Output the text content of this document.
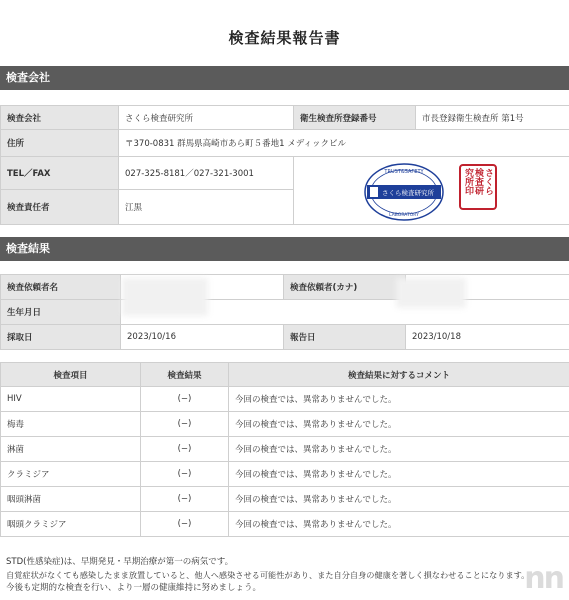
検査結果報告書
検査会社
検査会社	さくら検査研究所	衛生検査所登録番号	市長登録衛生検査所 第1号
住所	〒370-0831 群馬県高崎市あら町５番地1 メディックビル		
TEL／FAX	027-325-8181／027-321-3001		
検査責任者	江黒		
TRUST&SAFETY
さくら検査研究所
LABORATORY
さくら
検査研
究所印
検査結果
検査依頼者名		検査依頼者(カナ)	
生年月日			
採取日	2023/10/16	報告日	2023/10/18
検査項目	検査結果	検査結果に対するコメント
HIV	(−)	今回の検査では、異常ありませんでした。
梅毒	(−)	今回の検査では、異常ありませんでした。
淋菌	(−)	今回の検査では、異常ありませんでした。
クラミジア	(−)	今回の検査では、異常ありませんでした。
咽頭淋菌	(−)	今回の検査では、異常ありませんでした。
咽頭クラミジア	(−)	今回の検査では、異常ありませんでした。
STD(性感染症)は、早期発見・早期治療が第一の病気です。
自覚症状がなくても感染したまま放置していると、他人へ感染させる可能性があり、また自分自身の健康を著しく損なわせることになります。
今後も定期的な検査を行い、より一層の健康維持に努めましょう。	nn
